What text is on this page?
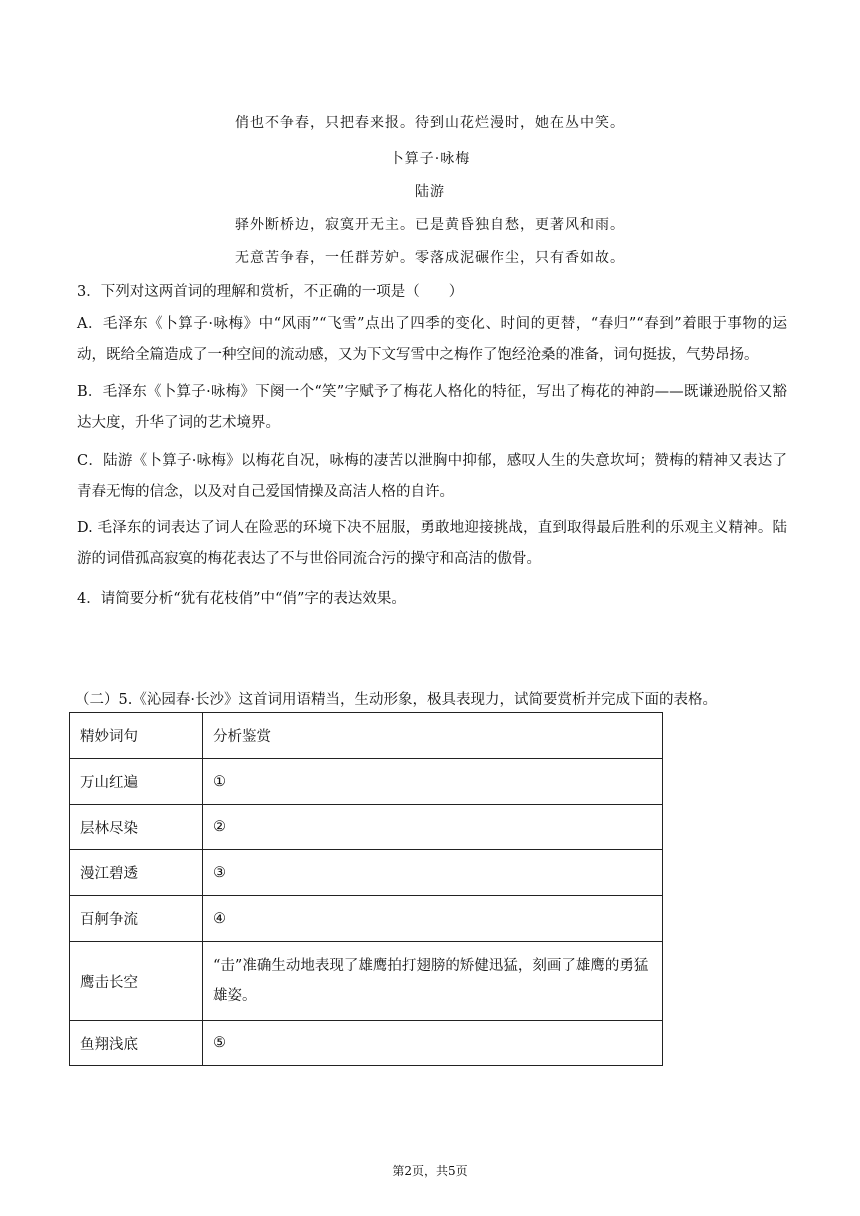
俏也不争春，只把春来报。待到山花烂漫时，她在丛中笑。
卜算子·咏梅
陆游
驿外断桥边，寂寞开无主。已是黄昏独自愁，更著风和雨。
无意苦争春，一任群芳妒。零落成泥碾作尘，只有香如故。
3．下列对这两首词的理解和赏析，不正确的一项是（　　）
A．毛泽东《卜算子·咏梅》中“风雨”“飞雪”点出了四季的变化、时间的更替，“春归”“春到”着眼于事物的运动，既给全篇造成了一种空间的流动感，又为下文写雪中之梅作了饱经沧桑的准备，词句挺拔，气势昂扬。
B．毛泽东《卜算子·咏梅》下阕一个“笑”字赋予了梅花人格化的特征，写出了梅花的神韵——既谦逊脱俗又豁达大度，升华了词的艺术境界。
C．陆游《卜算子·咏梅》以梅花自况，咏梅的凄苦以泄胸中抑郁，感叹人生的失意坎坷；赞梅的精神又表达了青春无悔的信念，以及对自己爱国情操及高洁人格的自许。
D. 毛泽东的词表达了词人在险恶的环境下决不屈服，勇敢地迎接挑战，直到取得最后胜利的乐观主义精神。陆游的词借孤高寂寞的梅花表达了不与世俗同流合污的操守和高洁的傲骨。
4．请简要分析“犹有花枝俏”中“俏”字的表达效果。
（二）5.《沁园春·长沙》这首词用语精当，生动形象，极具表现力，试简要赏析并完成下面的表格。
精妙词句	分析鉴赏
万山红遍	①
层林尽染	②
漫江碧透	③
百舸争流	④
鹰击长空	“击”准确生动地表现了雄鹰拍打翅膀的矫健迅猛，刻画了雄鹰的勇猛雄姿。
鱼翔浅底	⑤
第2页，共5页
